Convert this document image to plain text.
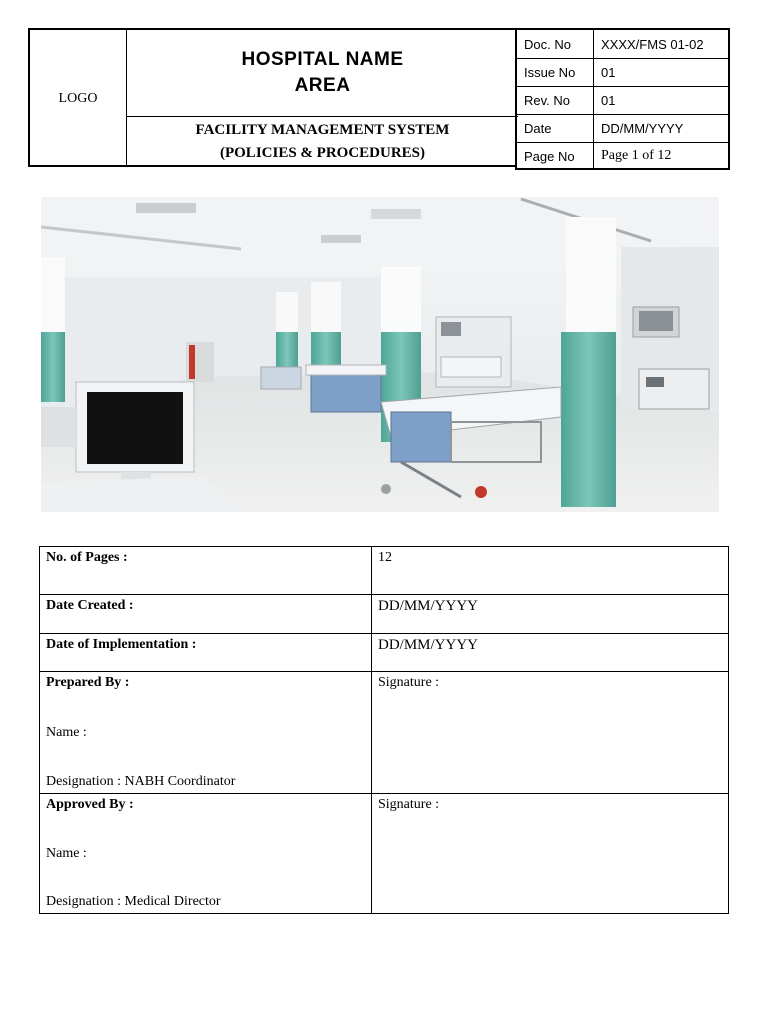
LOGO
HOSPITAL NAME
AREA
FACILITY MANAGEMENT SYSTEM
(POLICIES & PROCEDURES)
Doc. No	XXXX/FMS 01-02
Issue No	01
Rev. No	01
Date	DD/MM/YYYY
Page No	Page 1 of 12
No. of Pages :	12
Date Created :	DD/MM/YYYY
Date of Implementation :	DD/MM/YYYY
Prepared By :
Name :
Designation : NABH Coordinator
Signature :
Approved By :
Name :
Designation : Medical Director
Signature :
